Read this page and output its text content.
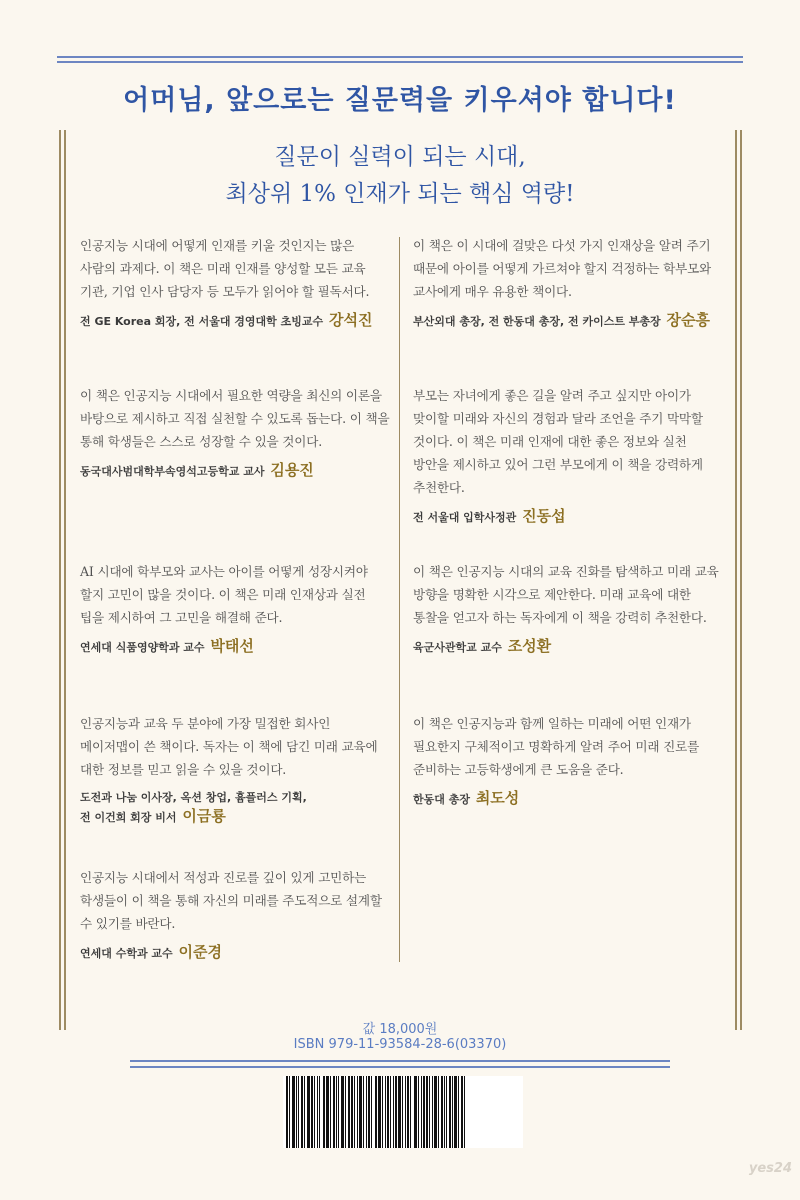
어머님, 앞으로는 질문력을 키우셔야 합니다!
질문이 실력이 되는 시대,
최상위 1% 인재가 되는 핵심 역량!
인공지능 시대에 어떻게 인재를 키울 것인지는 많은 사람의 과제다. 이 책은 미래 인재를 양성할 모든 교육 기관, 기업 인사 담당자 등 모두가 읽어야 할 필독서다.
전 GE Korea 회장, 전 서울대 경영대학 초빙교수 강석진
이 책은 인공지능 시대에서 필요한 역량을 최신의 이론을 바탕으로 제시하고 직접 실천할 수 있도록 돕는다. 이 책을 통해 학생들은 스스로 성장할 수 있을 것이다.
동국대사범대학부속영석고등학교 교사 김용진
AI 시대에 학부모와 교사는 아이를 어떻게 성장시켜야 할지 고민이 많을 것이다. 이 책은 미래 인재상과 실전 팁을 제시하여 그 고민을 해결해 준다.
연세대 식품영양학과 교수 박태선
인공지능과 교육 두 분야에 가장 밀접한 회사인 메이저맵이 쓴 책이다. 독자는 이 책에 담긴 미래 교육에 대한 정보를 믿고 읽을 수 있을 것이다.
도전과 나눔 이사장, 옥션 창업, 흄플러스 기획,
전 이건희 회장 비서 이금룡
인공지능 시대에서 적성과 진로를 깊이 있게 고민하는 학생들이 이 책을 통해 자신의 미래를 주도적으로 설계할 수 있기를 바란다.
연세대 수학과 교수 이준경
이 책은 이 시대에 걸맞은 다섯 가지 인재상을 알려 주기 때문에 아이를 어떻게 가르쳐야 할지 걱정하는 학부모와 교사에게 매우 유용한 책이다.
부산외대 총장, 전 한동대 총장, 전 카이스트 부총장 장순흥
부모는 자녀에게 좋은 길을 알려 주고 싶지만 아이가 맞이할 미래와 자신의 경험과 달라 조언을 주기 막막할 것이다. 이 책은 미래 인재에 대한 좋은 정보와 실천 방안을 제시하고 있어 그런 부모에게 이 책을 강력하게 추천한다.
전 서울대 입학사정관 진동섭
이 책은 인공지능 시대의 교육 진화를 탐색하고 미래 교육 방향을 명확한 시각으로 제안한다. 미래 교육에 대한 통찰을 얻고자 하는 독자에게 이 책을 강력히 추천한다.
육군사관학교 교수 조성환
이 책은 인공지능과 함께 일하는 미래에 어떤 인재가 필요한지 구체적이고 명확하게 알려 주어 미래 진로를 준비하는 고등학생에게 큰 도움을 준다.
한동대 총장 최도성
값 18,000원
ISBN 979-11-93584-28-6(03370)
yes24
